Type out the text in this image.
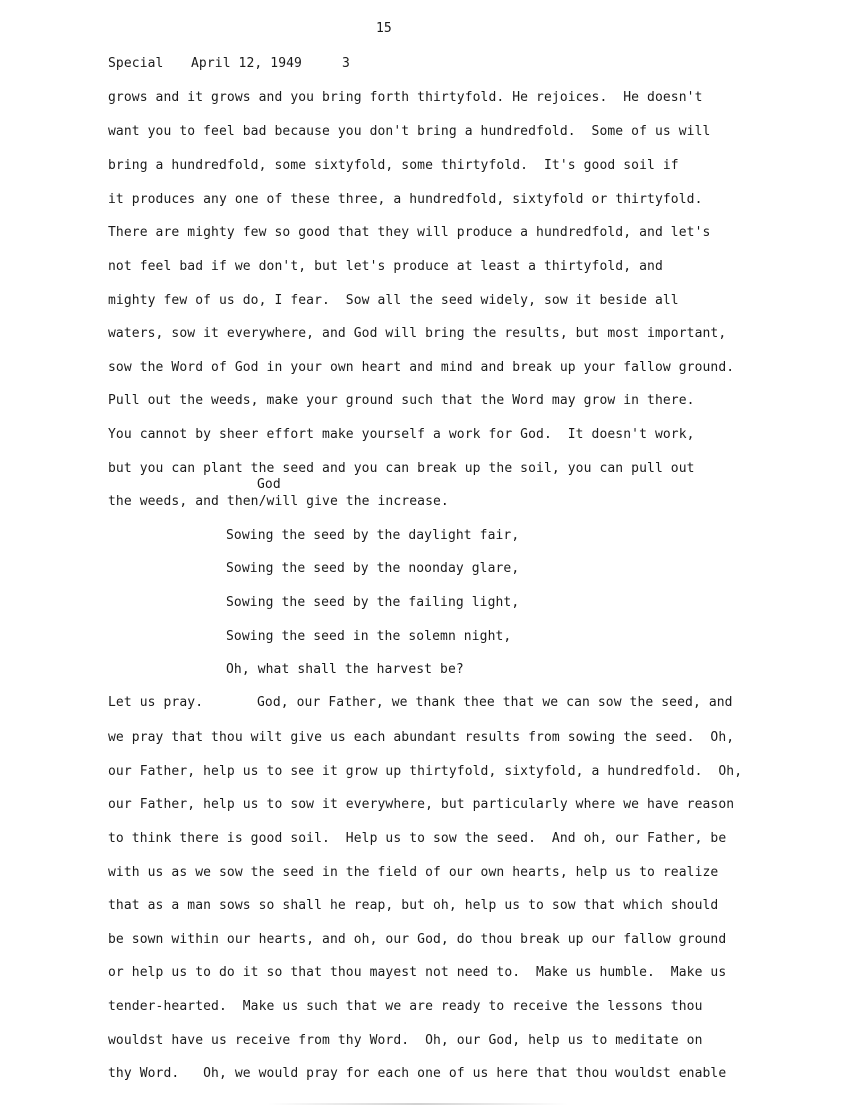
15
Special April 12, 1949	3
grows and it grows and you bring forth thirtyfold. He rejoices.  He doesn't
want you to feel bad because you don't bring a hundredfold.  Some of us will
bring a hundredfold, some sixtyfold, some thirtyfold.  It's good soil if
it produces any one of these three, a hundredfold, sixtyfold or thirtyfold.
There are mighty few so good that they will produce a hundredfold, and let's
not feel bad if we don't, but let's produce at least a thirtyfold, and
mighty few of us do, I fear.  Sow all the seed widely, sow it beside all
waters, sow it everywhere, and God will bring the results, but most important,
sow the Word of God in your own heart and mind and break up your fallow ground.
Pull out the weeds, make your ground such that the Word may grow in there.
You cannot by sheer effort make yourself a work for God.  It doesn't work,
but you can plant the seed and you can break up the soil, you can pull out
God
the weeds, and then/will give the increase.
Sowing the seed by the daylight fair,
Sowing the seed by the noonday glare,
Sowing the seed by the failing light,
Sowing the seed in the solemn night,
Oh, what shall the harvest be?
Let us pray.	God, our Father, we thank thee that we can sow the seed, and
we pray that thou wilt give us each abundant results from sowing the seed.  Oh,
our Father, help us to see it grow up thirtyfold, sixtyfold, a hundredfold.  Oh,
our Father, help us to sow it everywhere, but particularly where we have reason
to think there is good soil.  Help us to sow the seed.  And oh, our Father, be
with us as we sow the seed in the field of our own hearts, help us to realize
that as a man sows so shall he reap, but oh, help us to sow that which should
be sown within our hearts, and oh, our God, do thou break up our fallow ground
or help us to do it so that thou mayest not need to.  Make us humble.  Make us
tender-hearted.  Make us such that we are ready to receive the lessons thou
wouldst have us receive from thy Word.  Oh, our God, help us to meditate on
thy Word.   Oh, we would pray for each one of us here that thou wouldst enable
